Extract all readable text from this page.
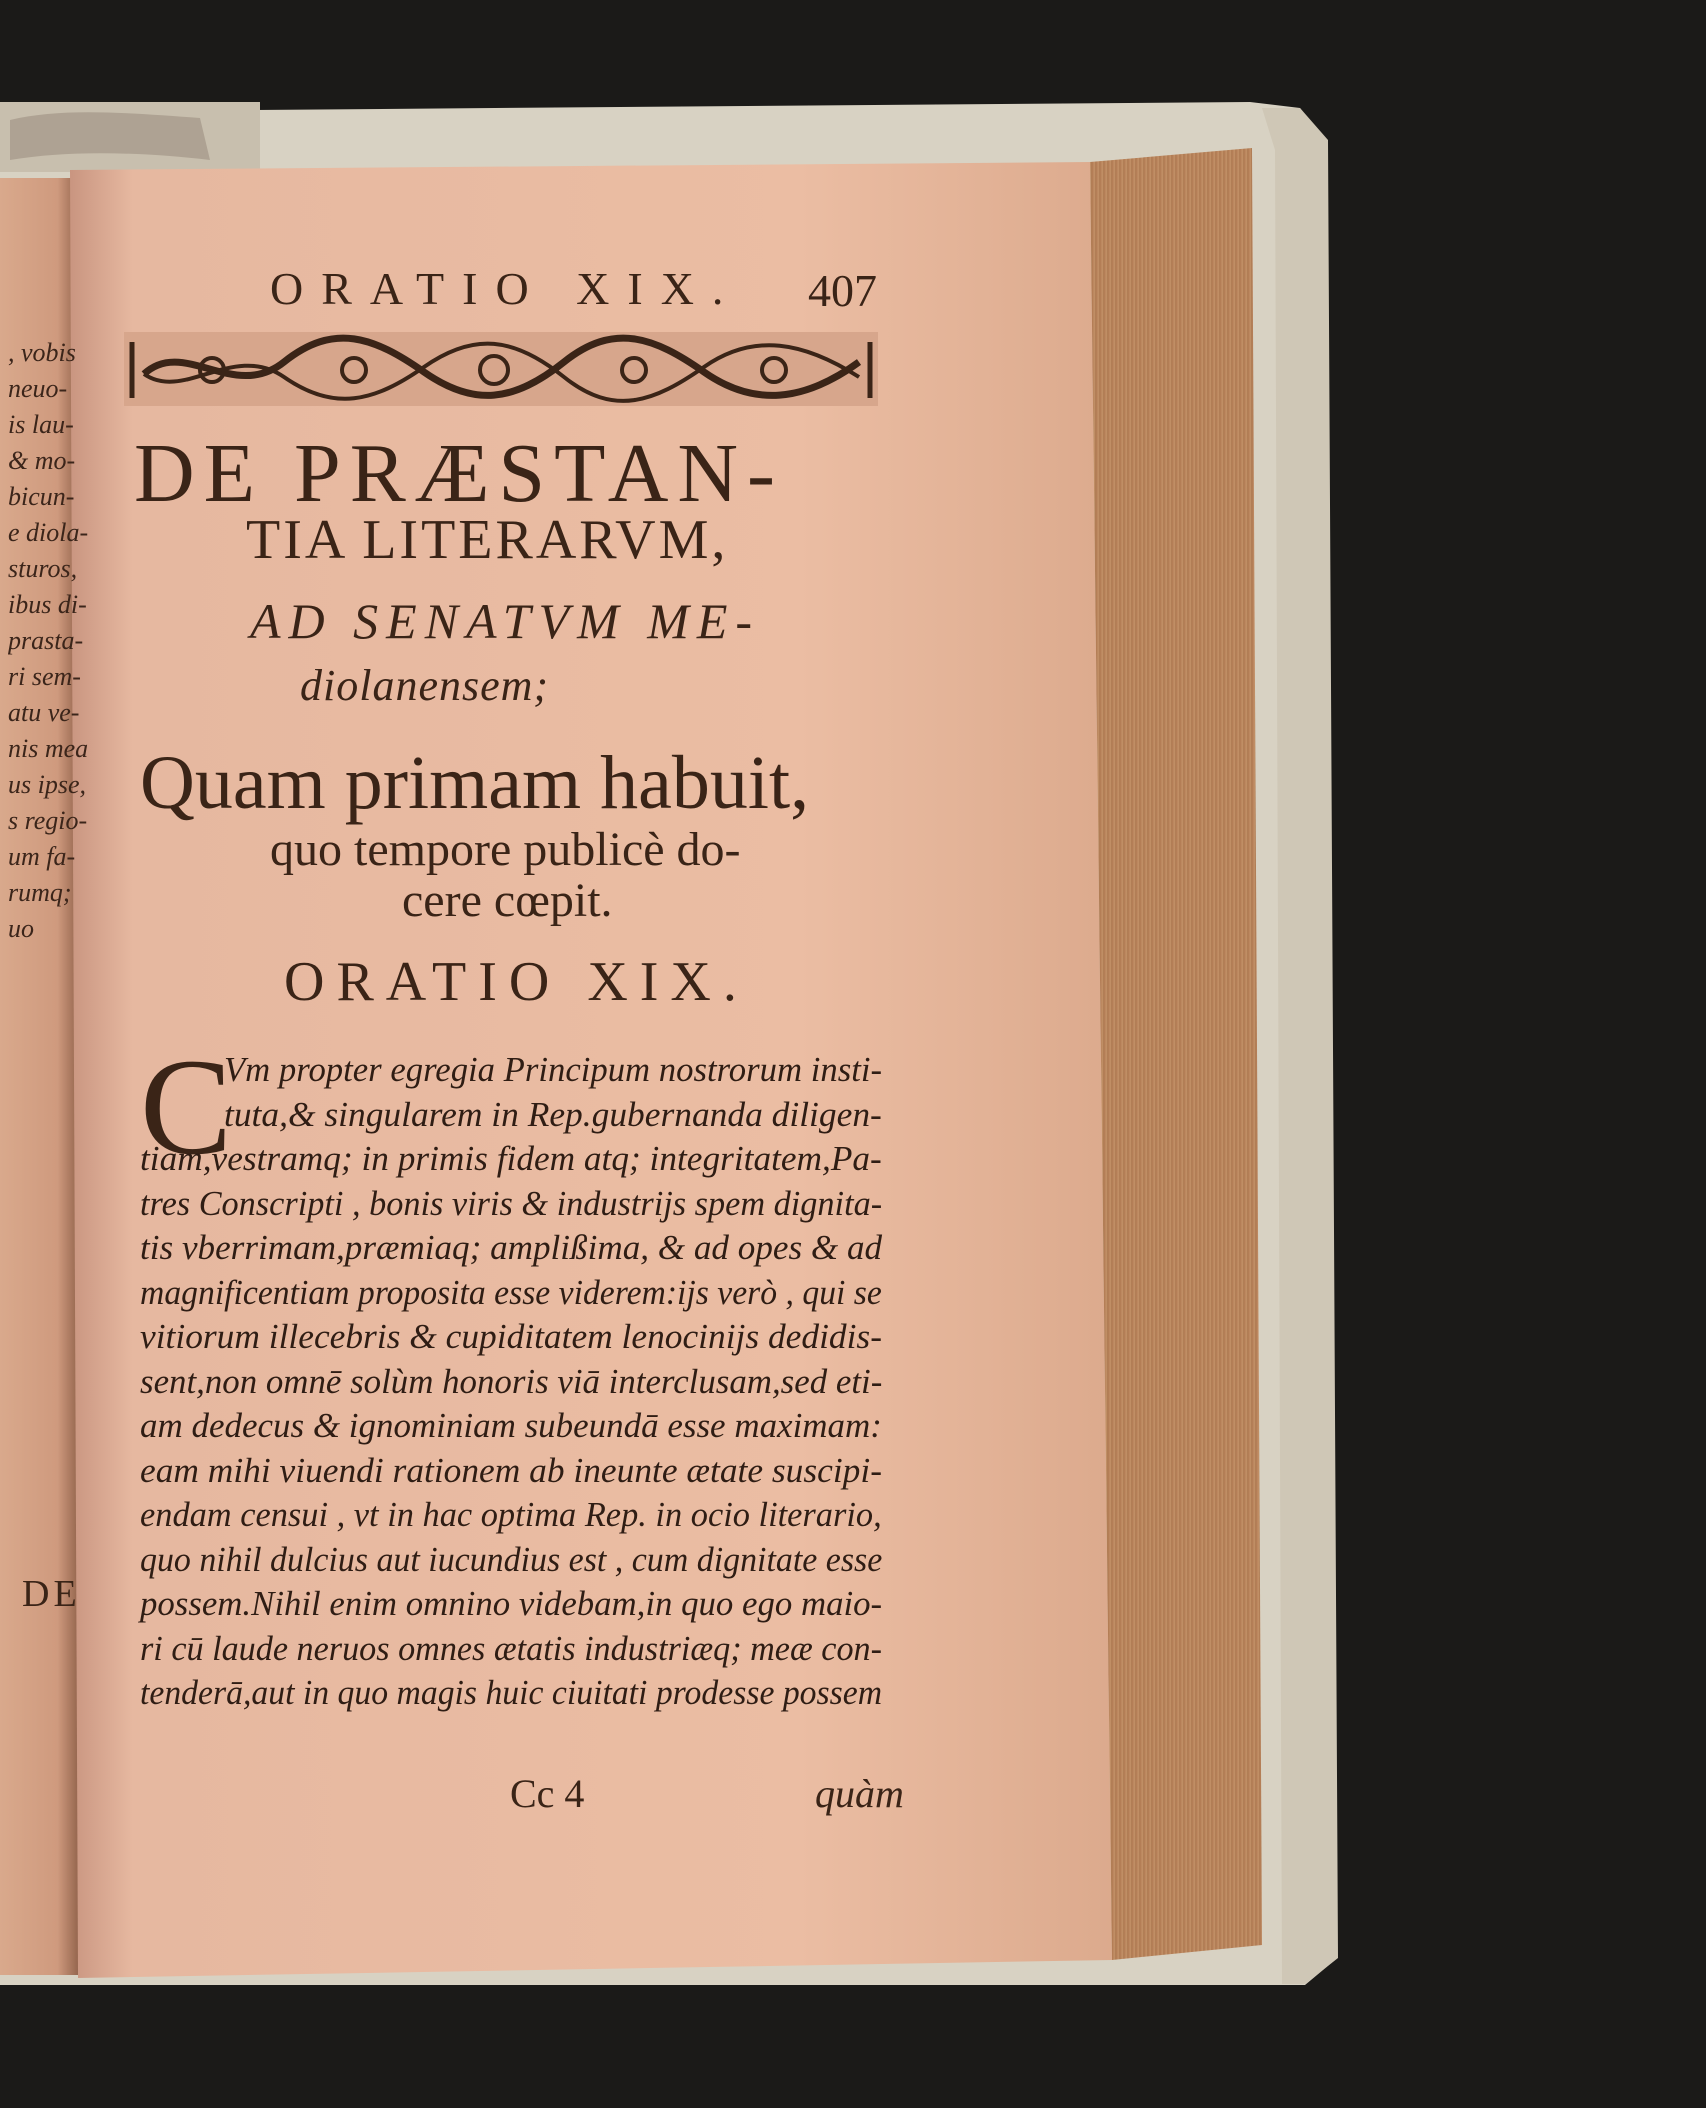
, vobis
neuo-
is lau-
& mo-
bicun-
e diola-
sturos,
ibus di-
prasta-
ri sem-
atu ve-
nis mea
us ipse,
s regio-
um fa-
rumq;
uo
DE
ORATIO XIX. 407
DE PRÆSTAN-
TIA LITERARVM,
AD SENATVM ME-
diolanensem;
Quam primam habuit,
quo tempore publicè do-
cere cœpit.
ORATIO XIX.
C
Vm propter egregia Principum nostrorum insti-
tuta,& singularem in Rep.gubernanda diligen-
tiam,vestramq; in primis fidem atq; integritatem,Pa-
tres Conscripti , bonis viris & industrijs spem dignita-
tis vberrimam,præmiaq; amplißima, & ad opes & ad
magnificentiam proposita esse viderem:ijs verò , qui se
vitiorum illecebris & cupiditatem lenocinijs dedidis-
sent,non omnē solùm honoris viā interclusam,sed eti-
am dedecus & ignominiam subeundā esse maximam:
eam mihi viuendi rationem ab ineunte ætate suscipi-
endam censui , vt in hac optima Rep. in ocio literario,
quo nihil dulcius aut iucundius est , cum dignitate esse
possem.Nihil enim omnino videbam,in quo ego maio-
ri cū laude neruos omnes ætatis industriæq; meæ con-
tenderā,aut in quo magis huic ciuitati prodesse possem
Cc 4	quàm
